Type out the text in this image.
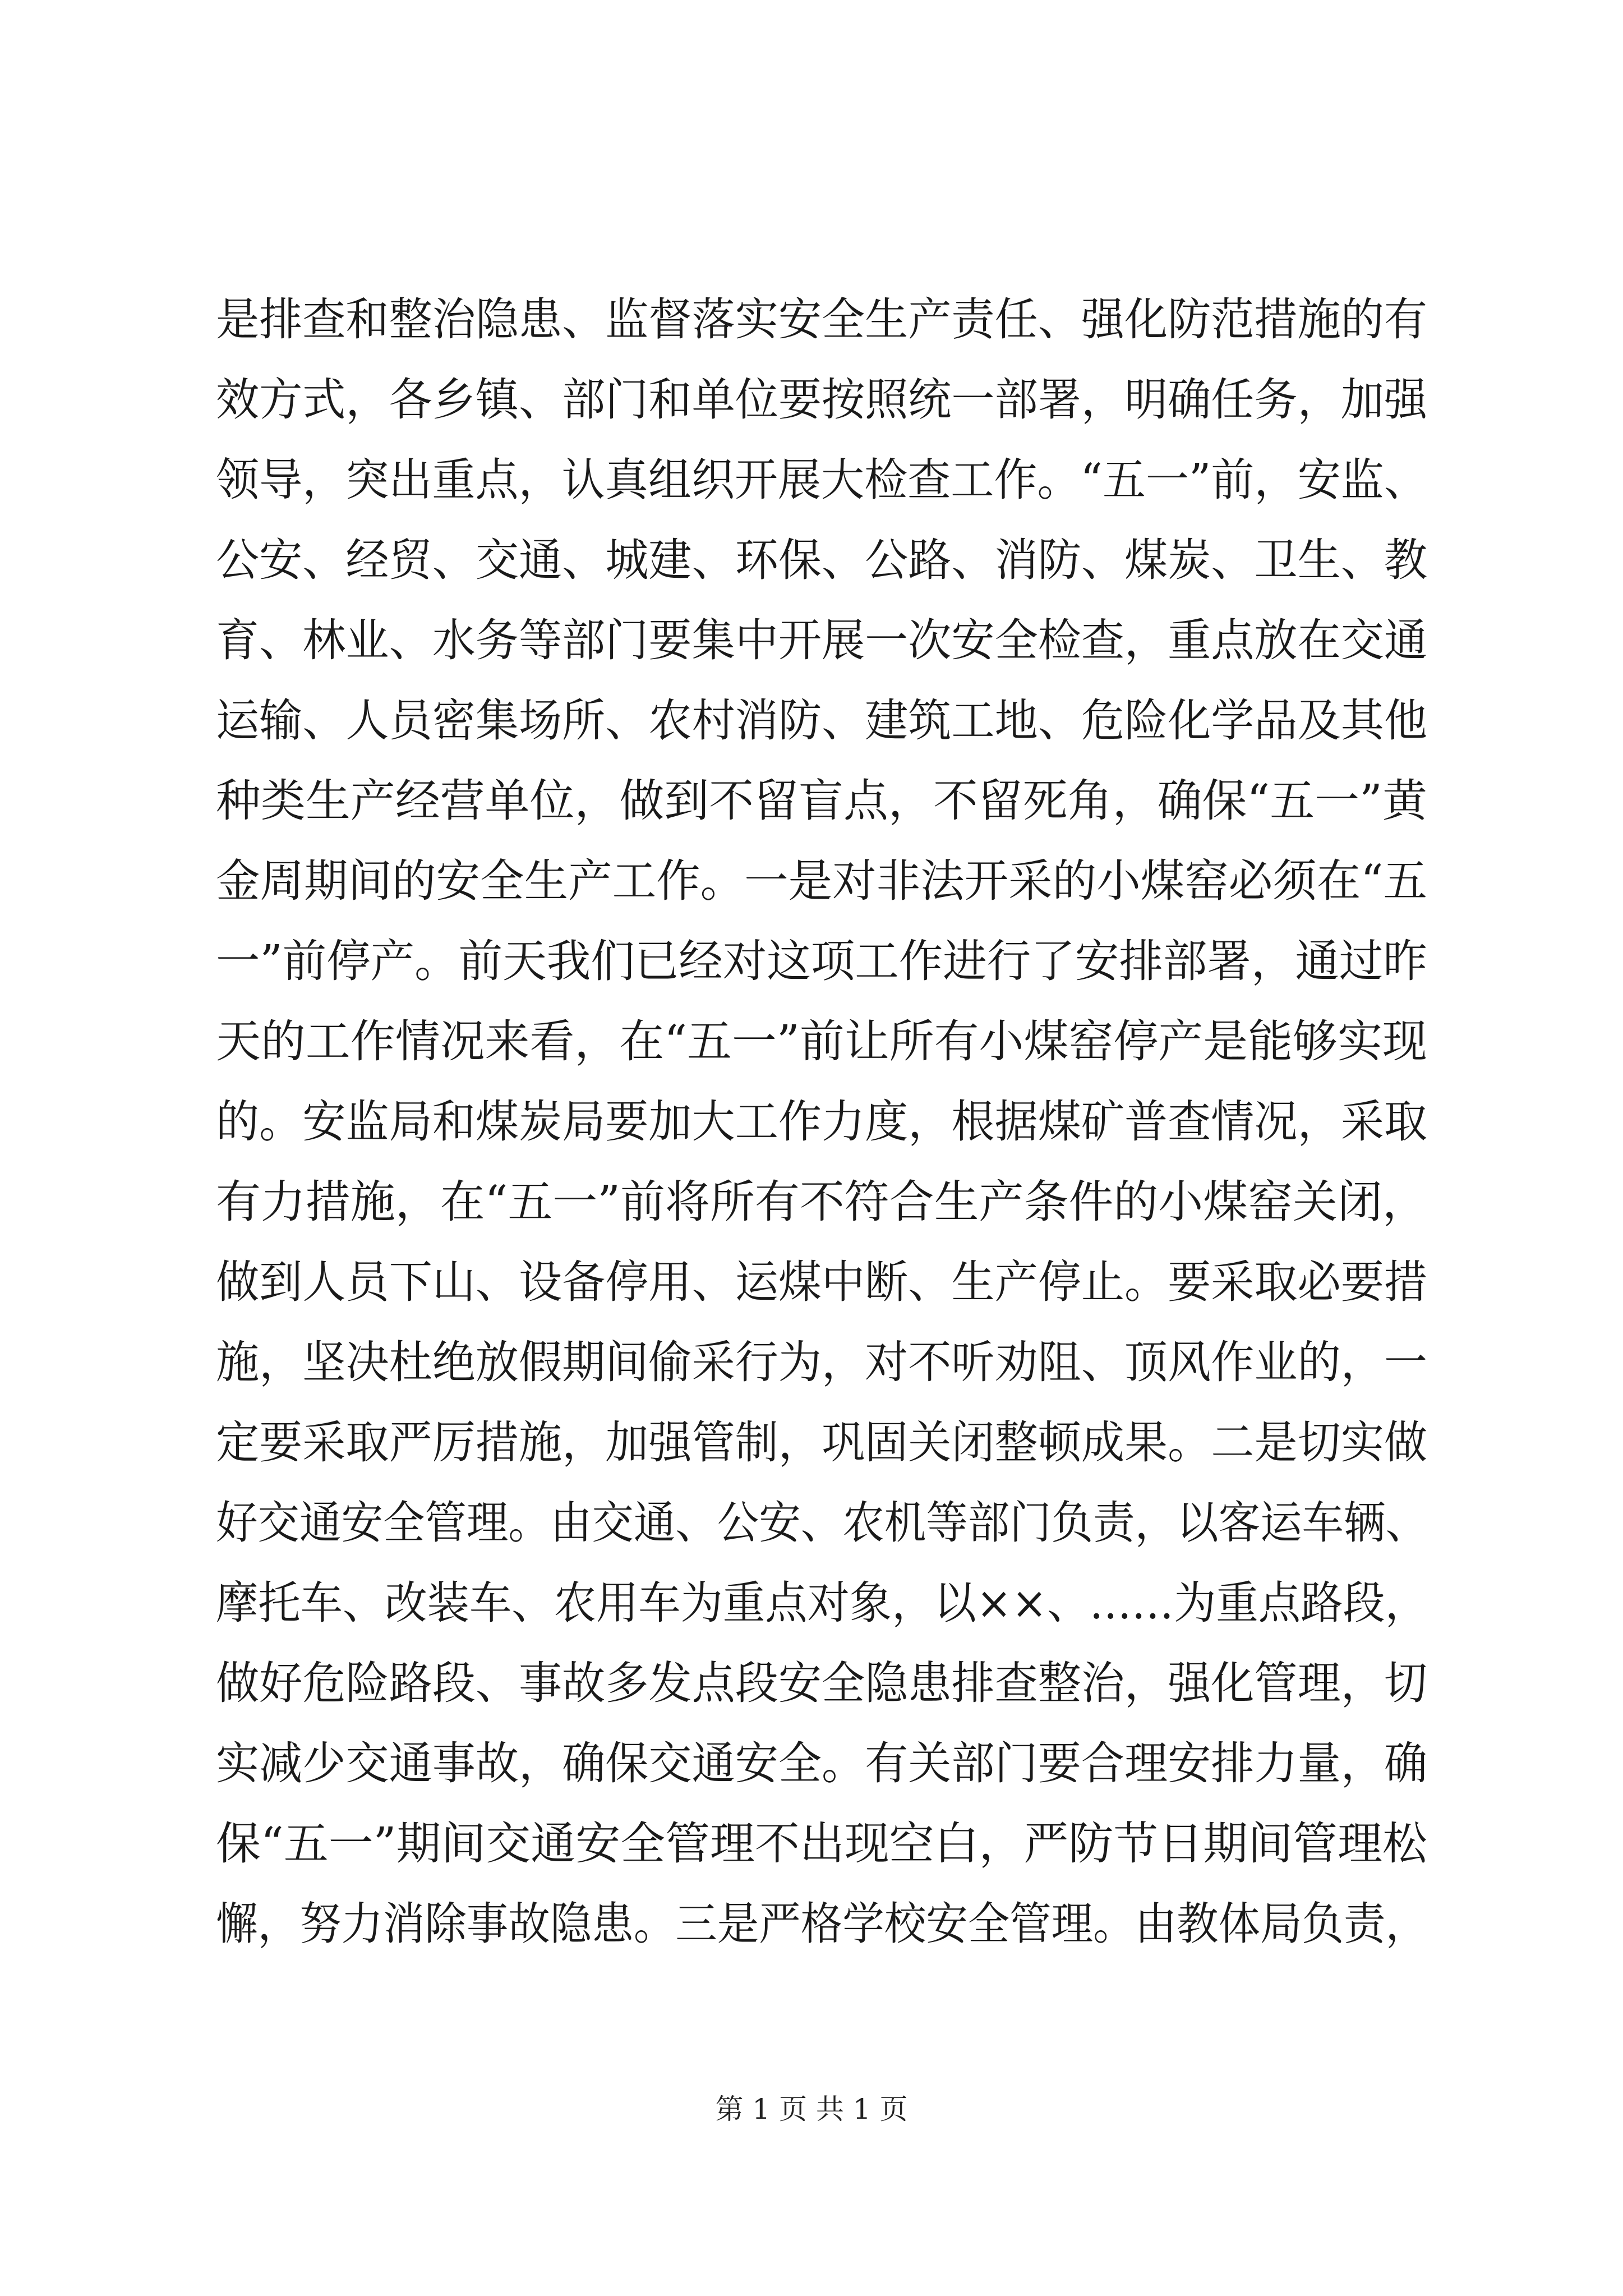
是排查和整治隐患、监督落实安全生产责任、强化防范措施的有
效方式，各乡镇、部门和单位要按照统一部署，明确任务，加强
领导，突出重点，认真组织开展大检查工作。“五一”前，安监、
公安、经贸、交通、城建、环保、公路、消防、煤炭、卫生、教
育、林业、水务等部门要集中开展一次安全检查，重点放在交通
运输、人员密集场所、农村消防、建筑工地、危险化学品及其他
种类生产经营单位，做到不留盲点，不留死角，确保“五一”黄
金周期间的安全生产工作。一是对非法开采的小煤窑必须在“五
一”前停产。前天我们已经对这项工作进行了安排部署，通过昨
天的工作情况来看，在“五一”前让所有小煤窑停产是能够实现
的。安监局和煤炭局要加大工作力度，根据煤矿普查情况，采取
有力措施，在“五一”前将所有不符合生产条件的小煤窑关闭，
做到人员下山、设备停用、运煤中断、生产停止。要采取必要措
施，坚决杜绝放假期间偷采行为，对不听劝阻、顶风作业的，一
定要采取严厉措施，加强管制，巩固关闭整顿成果。二是切实做
好交通安全管理。由交通、公安、农机等部门负责，以客运车辆、
摩托车、改装车、农用车为重点对象，以××、……为重点路段，
做好危险路段、事故多发点段安全隐患排查整治，强化管理，切
实减少交通事故，确保交通安全。有关部门要合理安排力量，确
保“五一”期间交通安全管理不出现空白，严防节日期间管理松
懈，努力消除事故隐患。三是严格学校安全管理。由教体局负责，
第 1 页 共 1 页
